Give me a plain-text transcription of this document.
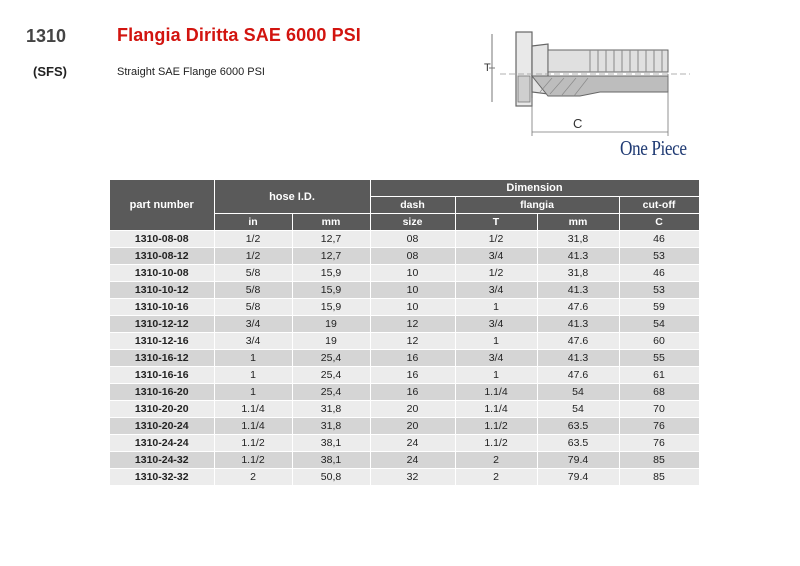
1310	Flangia Diritta SAE 6000 PSI
(SFS)	Straight SAE Flange 6000 PSI	T
C
One Piece
part number	hose I.D.		Dimension			
			dash	flangia		cut-off
	in	mm	size	T	mm	C
1310-08-08	1/2	12,7	08	1/2	31,8	46
1310-08-12	1/2	12,7	08	3/4	41.3	53
1310-10-08	5/8	15,9	10	1/2	31,8	46
1310-10-12	5/8	15,9	10	3/4	41.3	53
1310-10-16	5/8	15,9	10	1	47.6	59
1310-12-12	3/4	19	12	3/4	41.3	54
1310-12-16	3/4	19	12	1	47.6	60
1310-16-12	1	25,4	16	3/4	41.3	55
1310-16-16	1	25,4	16	1	47.6	61
1310-16-20	1	25,4	16	1.1/4	54	68
1310-20-20	1.1/4	31,8	20	1.1/4	54	70
1310-20-24	1.1/4	31,8	20	1.1/2	63.5	76
1310-24-24	1.1/2	38,1	24	1.1/2	63.5	76
1310-24-32	1.1/2	38,1	24	2	79.4	85
1310-32-32	2	50,8	32	2	79.4	85
